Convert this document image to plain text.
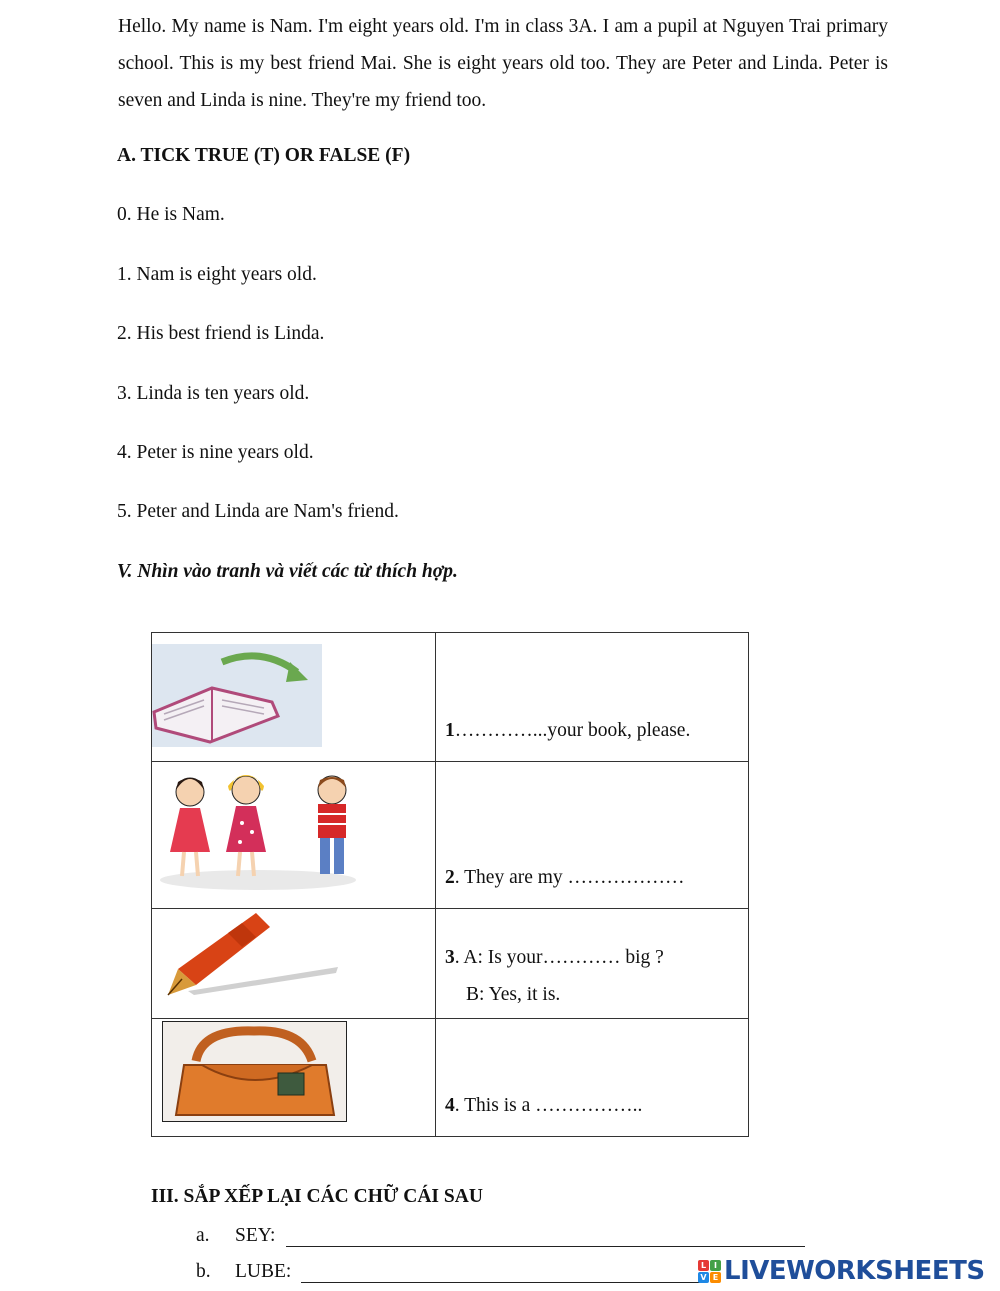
Hello. My name is Nam. I'm eight years old. I'm in class 3A. I am a pupil at Nguyen Trai primary school. This is my best friend Mai. She is eight years old too. They are Peter and Linda. Peter is seven and Linda is nine. They're my friend too.
A. TICK TRUE (T) OR FALSE (F)
0. He is Nam.
1. Nam is eight years old.
2. His best friend is Linda.
3. Linda is ten years old.
4. Peter is nine years old.
5. Peter and Linda are Nam's friend.
V. Nhìn vào tranh và viết các từ thích hợp.

1…………...your book, please.

2. They are my ………………

3. A: Is your………… big ?
B: Yes, it is.

4. This is a ……………..
III. SẮP XẾP LẠI CÁC CHỮ CÁI SAU
a. SEY:
b. LUBE:	L I
V E LIVEWORKSHEETS
